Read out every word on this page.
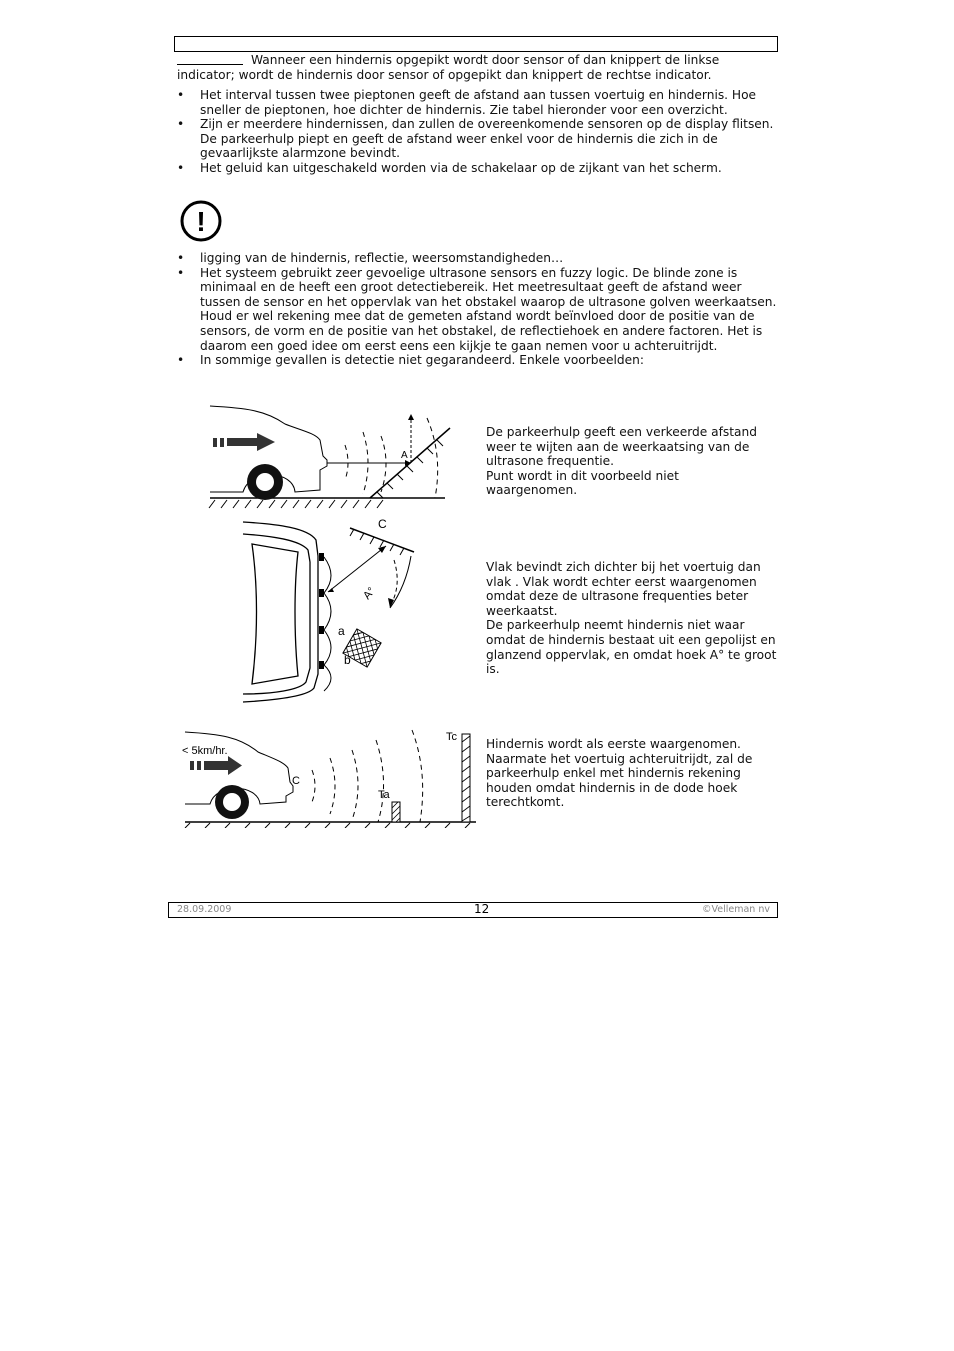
Wanneer een hindernis opgepikt wordt door sensor of dan knippert de linkse
indicator; wordt de hindernis door sensor of opgepikt dan knippert de rechtse indicator.
• Het interval tussen twee pieptonen geeft de afstand aan tussen voertuig en hindernis. Hoe sneller de pieptonen, hoe dichter de hindernis. Zie tabel hieronder voor een overzicht.
• Zijn er meerdere hindernissen, dan zullen de overeenkomende sensoren op de display flitsen. De parkeerhulp piept en geeft de afstand weer enkel voor de hindernis die zich in de gevaarlijkste alarmzone bevindt.
• Het geluid kan uitgeschakeld worden via de schakelaar op de zijkant van het scherm.
!
• ligging van de hindernis, reflectie, weersomstandigheden…
• Het systeem gebruikt zeer gevoelige ultrasone sensors en fuzzy logic. De blinde zone is minimaal en de heeft een groot detectiebereik. Het meetresultaat geeft de afstand weer tussen de sensor en het oppervlak van het obstakel waarop de ultrasone golven weerkaatsen. Houd er wel rekening mee dat de gemeten afstand wordt beïnvloed door de positie van de sensors, de vorm en de positie van het obstakel, de reflectiehoek en andere factoren. Het is daarom een goed idee om eerst eens een kijkje te gaan nemen voor u achteruitrijdt.
• In sommige gevallen is detectie niet gegarandeerd. Enkele voorbeelden:
A
C
A°
a
b
< 5km/hr.
C
Ta
Tc
De parkeerhulp geeft een verkeerde afstand
weer te wijten aan de weerkaatsing van de
ultrasone frequentie.
Punt wordt in dit voorbeeld niet
waargenomen.
Vlak bevindt zich dichter bij het voertuig dan
vlak . Vlak wordt echter eerst waargenomen
omdat deze de ultrasone frequenties beter
weerkaatst.
De parkeerhulp neemt hindernis niet waar
omdat de hindernis bestaat uit een gepolijst en
glanzend oppervlak, en omdat hoek A° te groot
is.
Hindernis wordt als eerste waargenomen.
Naarmate het voertuig achteruitrijdt, zal de
parkeerhulp enkel met hindernis rekening
houden omdat hindernis in de dode hoek
terechtkomt.
28.09.2009	12	©Velleman nv
